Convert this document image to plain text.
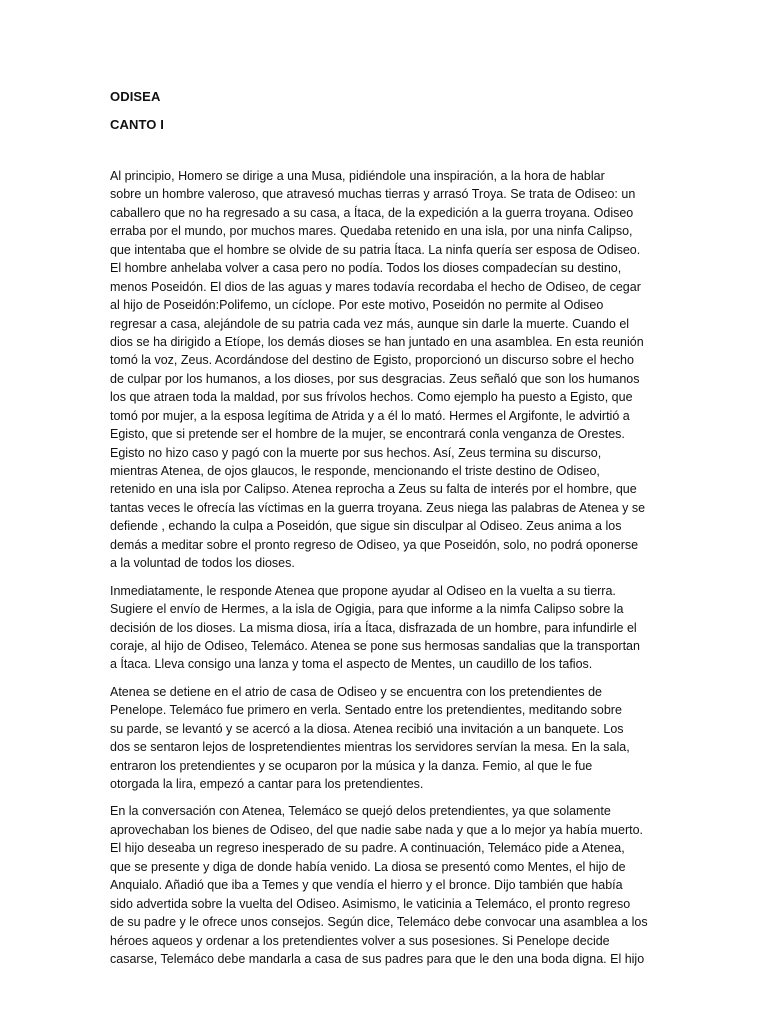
ODISEA
CANTO I
Al principio, Homero se dirige a una Musa, pidiéndole una inspiración, a la hora de hablar
sobre un hombre valeroso, que atravesó muchas tierras y arrasó Troya. Se trata de Odiseo: un
caballero que no ha regresado a su casa, a Ítaca, de la expedición a la guerra troyana. Odiseo
erraba por el mundo, por muchos mares. Quedaba retenido en una isla, por una ninfa Calipso,
que intentaba que el hombre se olvide de su patria Ítaca. La ninfa quería ser esposa de Odiseo.
El hombre anhelaba volver a casa pero no podía. Todos los dioses compadecían su destino,
menos Poseidón. El dios de las aguas y mares todavía recordaba el hecho de Odiseo, de cegar
al hijo de Poseidón:Polifemo, un cíclope. Por este motivo, Poseidón no permite al Odiseo
regresar a casa, alejándole de su patria cada vez más, aunque sin darle la muerte. Cuando el
dios se ha dirigido a Etíope, los demás dioses se han juntado en una asamblea. En esta reunión
tomó la voz, Zeus. Acordándose del destino de Egisto, proporcionó un discurso sobre el hecho
de culpar por los humanos, a los dioses, por sus desgracias. Zeus señaló que son los humanos
los que atraen toda la maldad, por sus frívolos hechos. Como ejemplo ha puesto a Egisto, que
tomó por mujer, a la esposa legítima de Atrida y a él lo mató. Hermes el Argifonte, le advirtió a
Egisto, que si pretende ser el hombre de la mujer, se encontrará conla venganza de Orestes.
Egisto no hizo caso y pagó con la muerte por sus hechos. Así, Zeus termina su discurso,
mientras Atenea, de ojos glaucos, le responde, mencionando el triste destino de Odiseo,
retenido en una isla por Calipso. Atenea reprocha a Zeus su falta de interés por el hombre, que
tantas veces le ofrecía las víctimas en la guerra troyana. Zeus niega las palabras de Atenea y se
defiende , echando la culpa a Poseidón, que sigue sin disculpar al Odiseo. Zeus anima a los
demás a meditar sobre el pronto regreso de Odiseo, ya que Poseidón, solo, no podrá oponerse
a la voluntad de todos los dioses.
Inmediatamente, le responde Atenea que propone ayudar al Odiseo en la vuelta a su tierra.
Sugiere el envío de Hermes, a la isla de Ogigia, para que informe a la nimfa Calipso sobre la
decisión de los dioses. La misma diosa, iría a Ítaca, disfrazada de un hombre, para infundirle el
coraje, al hijo de Odiseo, Telemáco. Atenea se pone sus hermosas sandalias que la transportan
a Ítaca. Lleva consigo una lanza y toma el aspecto de Mentes, un caudillo de los tafios.
Atenea se detiene en el atrio de casa de Odiseo y se encuentra con los pretendientes de
Penelope. Telemáco fue primero en verla. Sentado entre los pretendientes, meditando sobre
su parde, se levantó y se acercó a la diosa. Atenea recibió una invitación a un banquete. Los
dos se sentaron lejos de lospretendientes mientras los servidores servían la mesa. En la sala,
entraron los pretendientes y se ocuparon por la música y la danza. Femio, al que le fue
otorgada la lira, empezó a cantar para los pretendientes.
En la conversación con Atenea, Telemáco se quejó delos pretendientes, ya que solamente
aprovechaban los bienes de Odiseo, del que nadie sabe nada y que a lo mejor ya había muerto.
El hijo deseaba un regreso inesperado de su padre. A continuación, Telemáco pide a Atenea,
que se presente y diga de donde había venido. La diosa se presentó como Mentes, el hijo de
Anquialo. Añadió que iba a Temes y que vendía el hierro y el bronce. Dijo también que había
sido advertida sobre la vuelta del Odiseo. Asimismo, le vaticinia a Telemáco, el pronto regreso
de su padre y le ofrece unos consejos. Según dice, Telemáco debe convocar una asamblea a los
héroes aqueos y ordenar a los pretendientes volver a sus posesiones. Si Penelope decide
casarse, Telemáco debe mandarla a casa de sus padres para que le den una boda digna. El hijo
